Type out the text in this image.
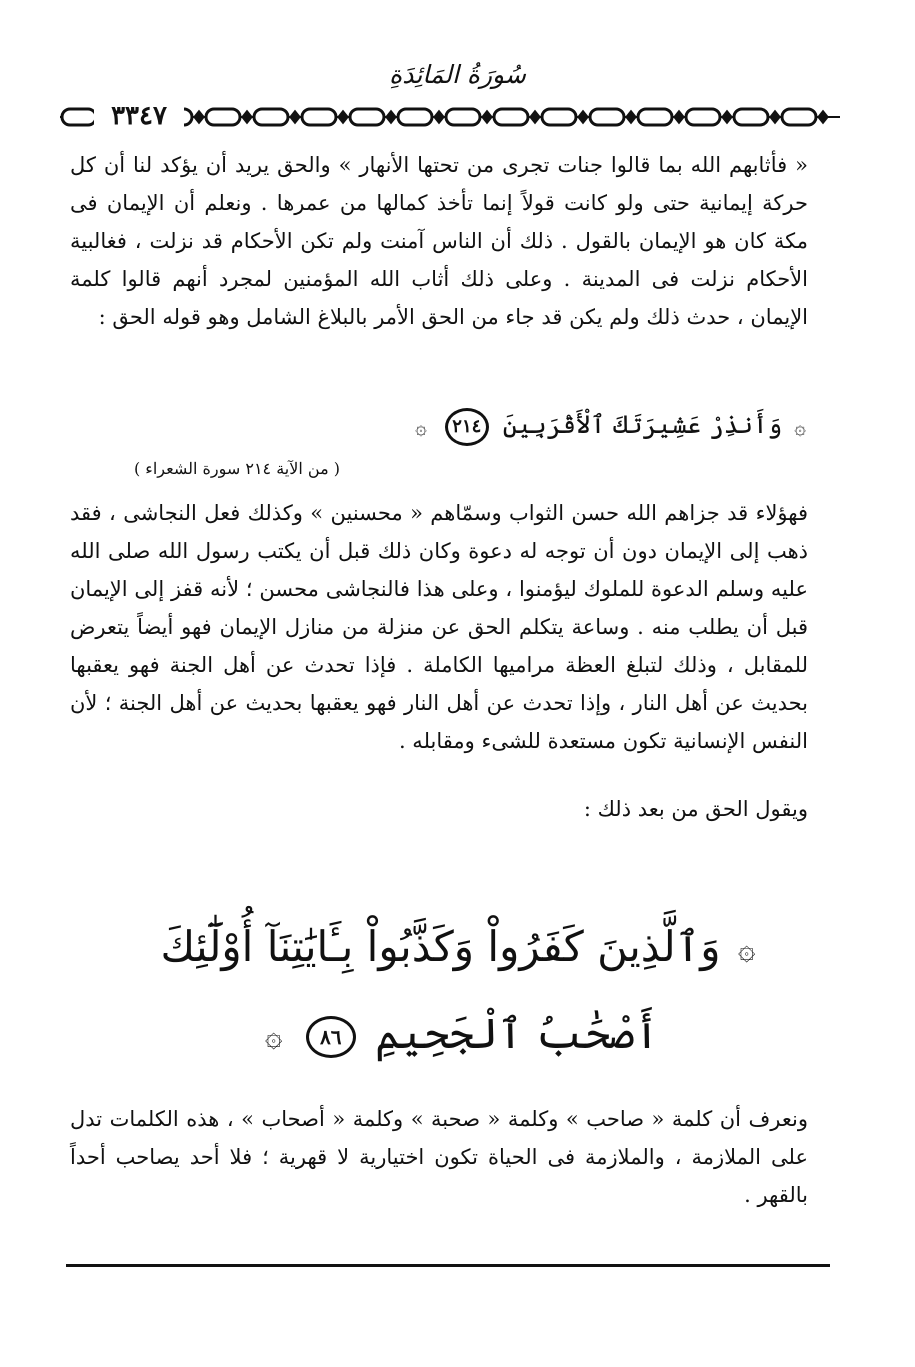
سُورَةُ المَائِدَةِ
٣٣٤٧

« فأثابهم الله بما قالوا جنات تجرى من تحتها الأنهار » والحق يريد أن يؤكد لنا أن كل حركة إيمانية حتى ولو كانت قولاً إنما تأخذ كمالها من عمرها . ونعلم أن الإيمان فى مكة كان هو الإيمان بالقول . ذلك أن الناس آمنت ولم تكن الأحكام قد نزلت ، فغالبية الأحكام نزلت فى المدينة . وعلى ذلك أثاب الله المؤمنين لمجرد أنهم قالوا كلمة الإيمان ، حدث ذلك ولم يكن قد جاء من الحق الأمر بالبلاغ الشامل وهو قوله الحق :

۞ وَأَنذِرْ عَشِيرَتَكَ ٱلْأَقْرَبِينَ ٢١٤ ۞
( من الآية ٢١٤ سورة الشعراء )

فهؤلاء قد جزاهم الله حسن الثواب وسمّاهم « محسنين » وكذلك فعل النجاشى ، فقد ذهب إلى الإيمان دون أن توجه له دعوة وكان ذلك قبل أن يكتب رسول الله صلى الله عليه وسلم الدعوة للملوك ليؤمنوا ، وعلى هذا فالنجاشى محسن ؛ لأنه قفز إلى الإيمان قبل أن يطلب منه . وساعة يتكلم الحق عن منزلة من منازل الإيمان فهو أيضاً يتعرض للمقابل ، وذلك لتبلغ العظة مراميها الكاملة . فإذا تحدث عن أهل الجنة فهو يعقبها بحديث عن أهل النار ، وإذا تحدث عن أهل النار فهو يعقبها بحديث عن أهل الجنة ؛ لأن النفس الإنسانية تكون مستعدة للشىء ومقابله .

ويقول الحق من بعد ذلك :

۞ وَٱلَّذِينَ كَفَرُواْ وَكَذَّبُواْ بِـَٔايَٰتِنَآ أُوْلَٰٓئِكَ
أَصْحَٰبُ ٱلْجَحِيمِ ٨٦ ۞

ونعرف أن كلمة « صاحب » وكلمة « صحبة » وكلمة « أصحاب » ، هذه الكلمات تدل على الملازمة ، والملازمة فى الحياة تكون اختيارية لا قهرية ؛ فلا أحد يصاحب أحداً بالقهر .
